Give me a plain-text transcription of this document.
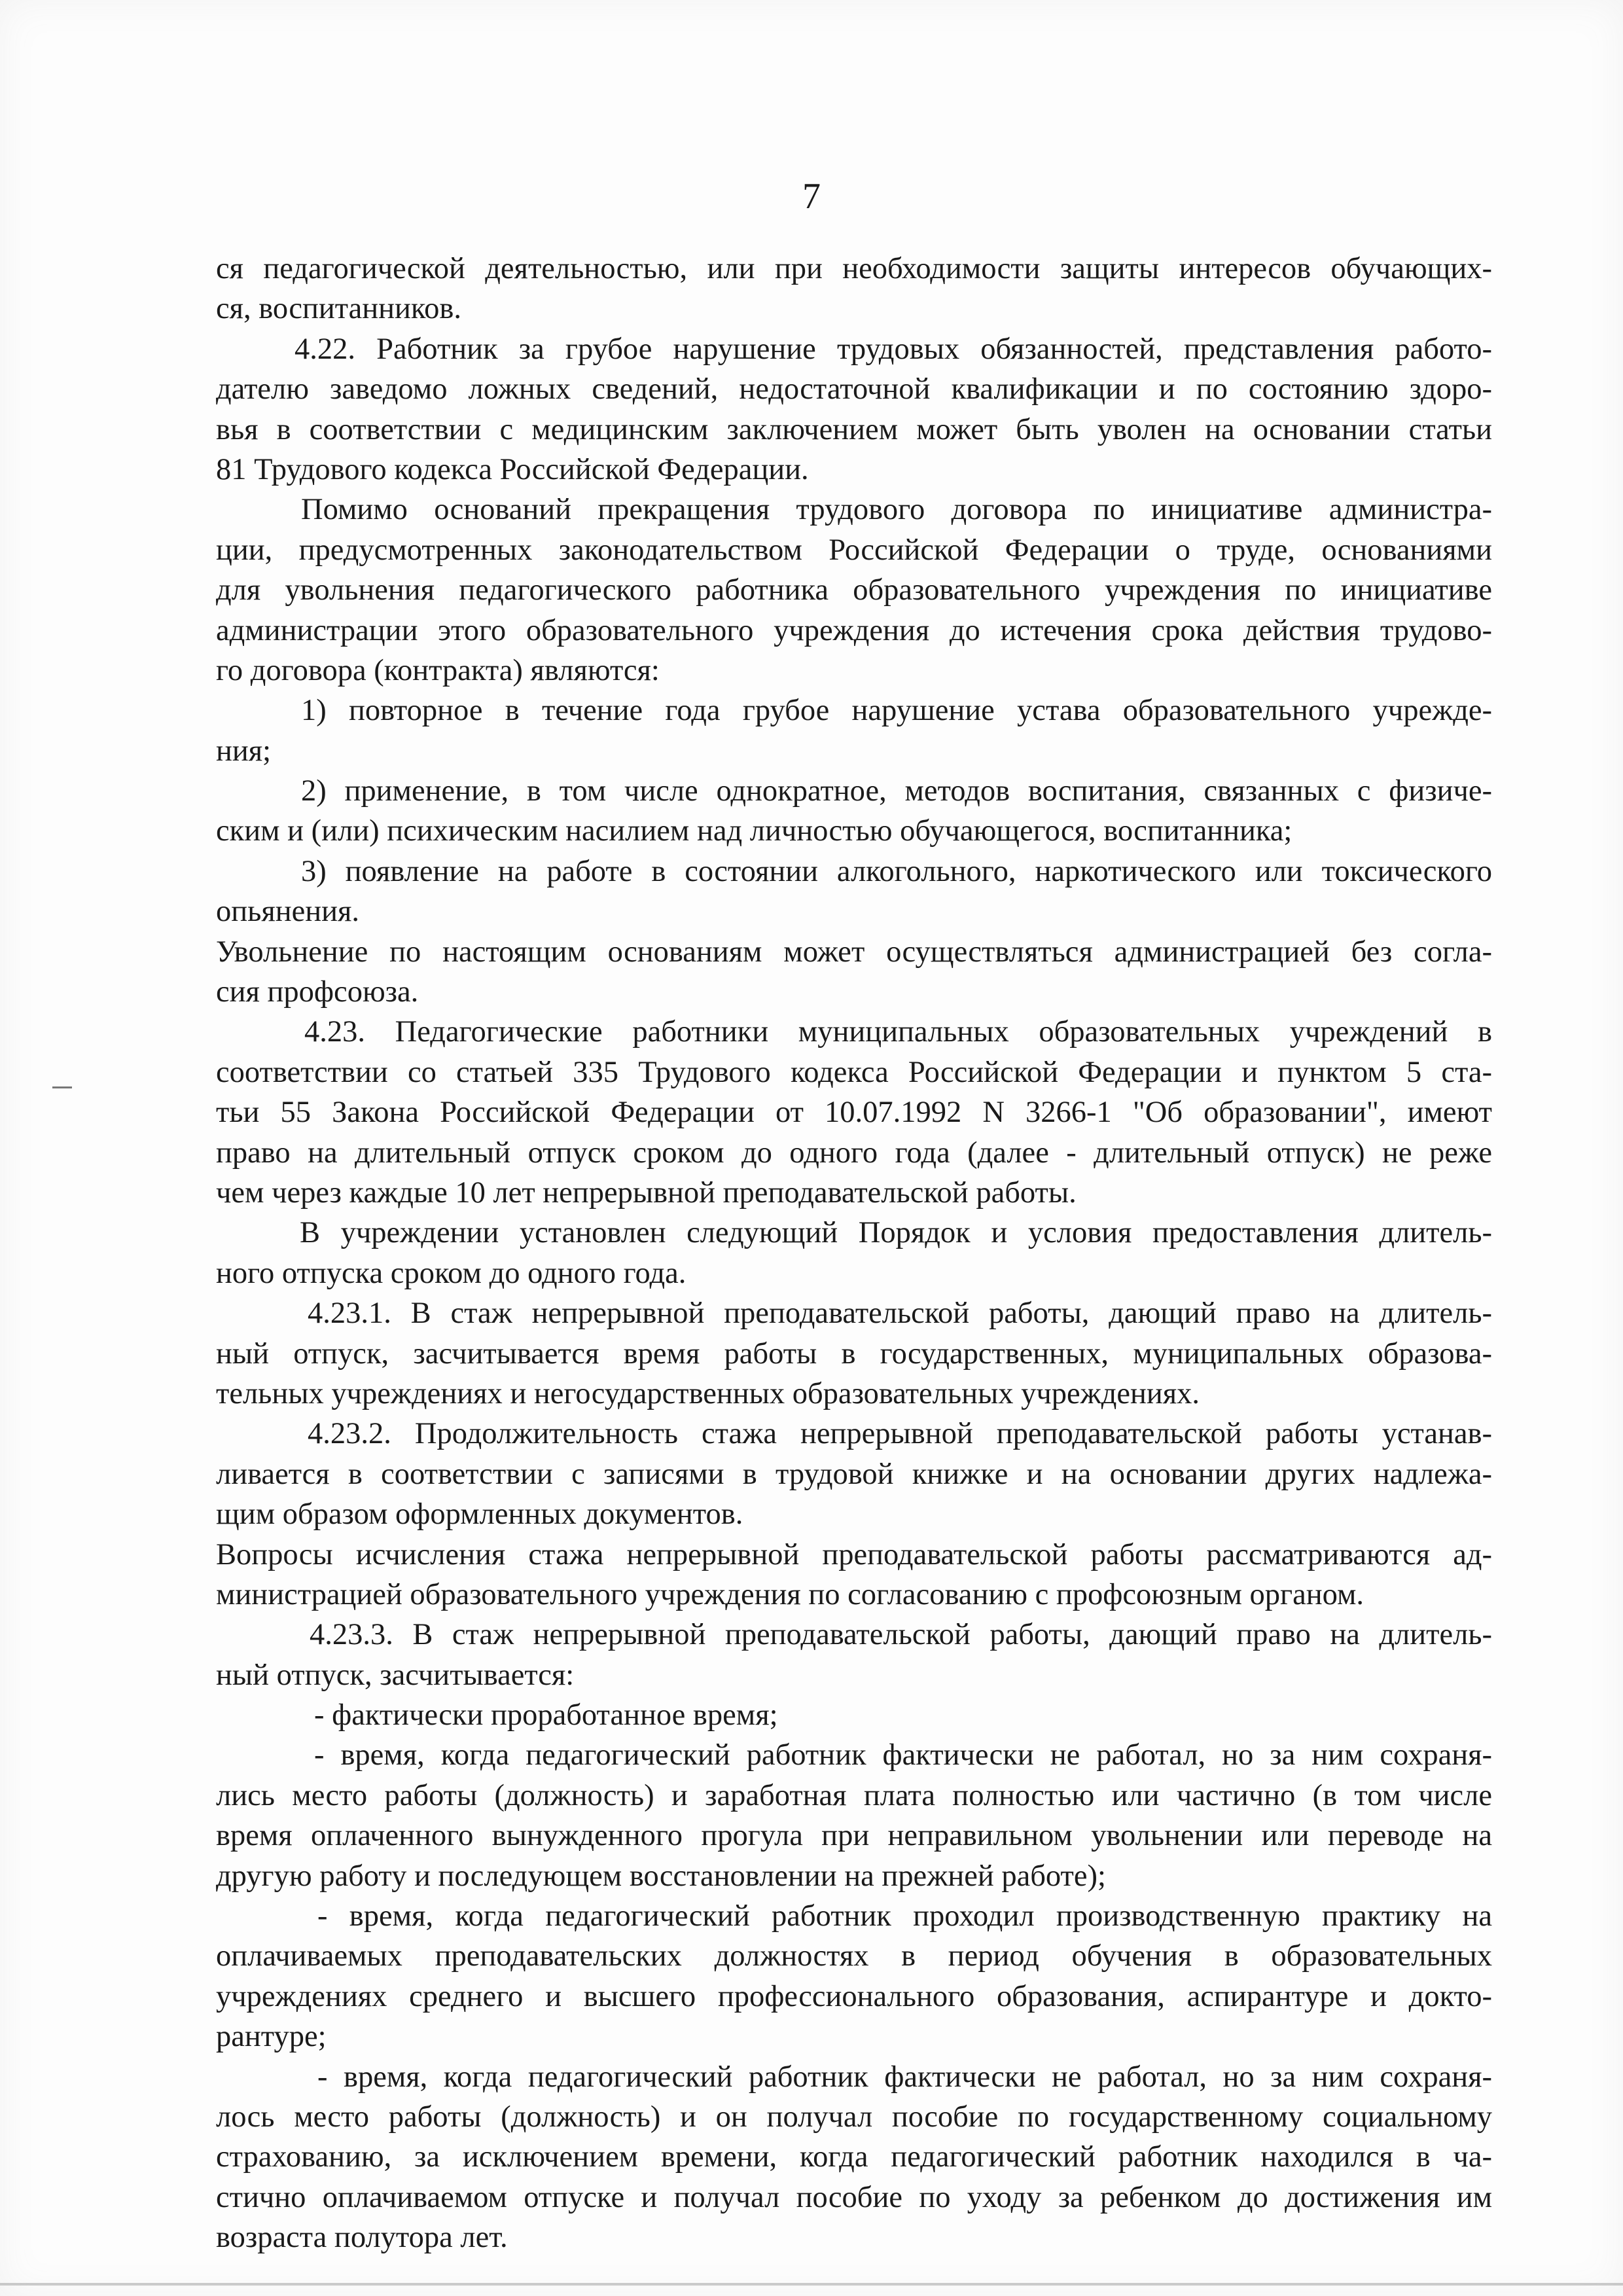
7
ся педагогической деятельностью, или при необходимости защиты интересов обучающих-
ся, воспитанников.
4.22. Работник за грубое нарушение трудовых обязанностей, представления работо-
дателю заведомо ложных сведений, недостаточной квалификации и по состоянию здоро-
вья в соответствии с медицинским заключением может быть уволен на основании статьи
81 Трудового кодекса Российской Федерации.
Помимо оснований прекращения трудового договора по инициативе администра-
ции, предусмотренных законодательством Российской Федерации о труде, основаниями
для увольнения педагогического работника образовательного учреждения по инициативе
администрации этого образовательного учреждения до истечения срока действия трудово-
го договора (контракта) являются:
1) повторное в течение года грубое нарушение устава образовательного учрежде-
ния;
2) применение, в том числе однократное, методов воспитания, связанных с физиче-
ским и (или) психическим насилием над личностью обучающегося, воспитанника;
3) появление на работе в состоянии алкогольного, наркотического или токсического
опьянения.
Увольнение по настоящим основаниям может осуществляться администрацией без согла-
сия профсоюза.
4.23. Педагогические работники муниципальных образовательных учреждений в
соответствии со статьей 335 Трудового кодекса Российской Федерации и пунктом 5 ста-
тьи 55 Закона Российской Федерации от 10.07.1992 N 3266-1 "Об образовании", имеют
право на длительный отпуск сроком до одного года (далее - длительный отпуск) не реже
чем через каждые 10 лет непрерывной преподавательской работы.
В учреждении установлен следующий Порядок и условия предоставления длитель-
ного отпуска сроком до одного года.
4.23.1. В стаж непрерывной преподавательской работы, дающий право на длитель-
ный отпуск, засчитывается время работы в государственных, муниципальных образова-
тельных учреждениях и негосударственных образовательных учреждениях.
4.23.2. Продолжительность стажа непрерывной преподавательской работы устанав-
ливается в соответствии с записями в трудовой книжке и на основании других надлежа-
щим образом оформленных документов.
Вопросы исчисления стажа непрерывной преподавательской работы рассматриваются ад-
министрацией образовательного учреждения по согласованию с профсоюзным органом.
4.23.3. В стаж непрерывной преподавательской работы, дающий право на длитель-
ный отпуск, засчитывается:
- фактически проработанное время;
- время, когда педагогический работник фактически не работал, но за ним сохраня-
лись место работы (должность) и заработная плата полностью или частично (в том числе
время оплаченного вынужденного прогула при неправильном увольнении или переводе на
другую работу и последующем восстановлении на прежней работе);
- время, когда педагогический работник проходил производственную практику на
оплачиваемых преподавательских должностях в период обучения в образовательных
учреждениях среднего и высшего профессионального образования, аспирантуре и докто-
рантуре;
- время, когда педагогический работник фактически не работал, но за ним сохраня-
лось место работы (должность) и он получал пособие по государственному социальному
страхованию, за исключением времени, когда педагогический работник находился в ча-
стично оплачиваемом отпуске и получал пособие по уходу за ребенком до достижения им
возраста полутора лет.
